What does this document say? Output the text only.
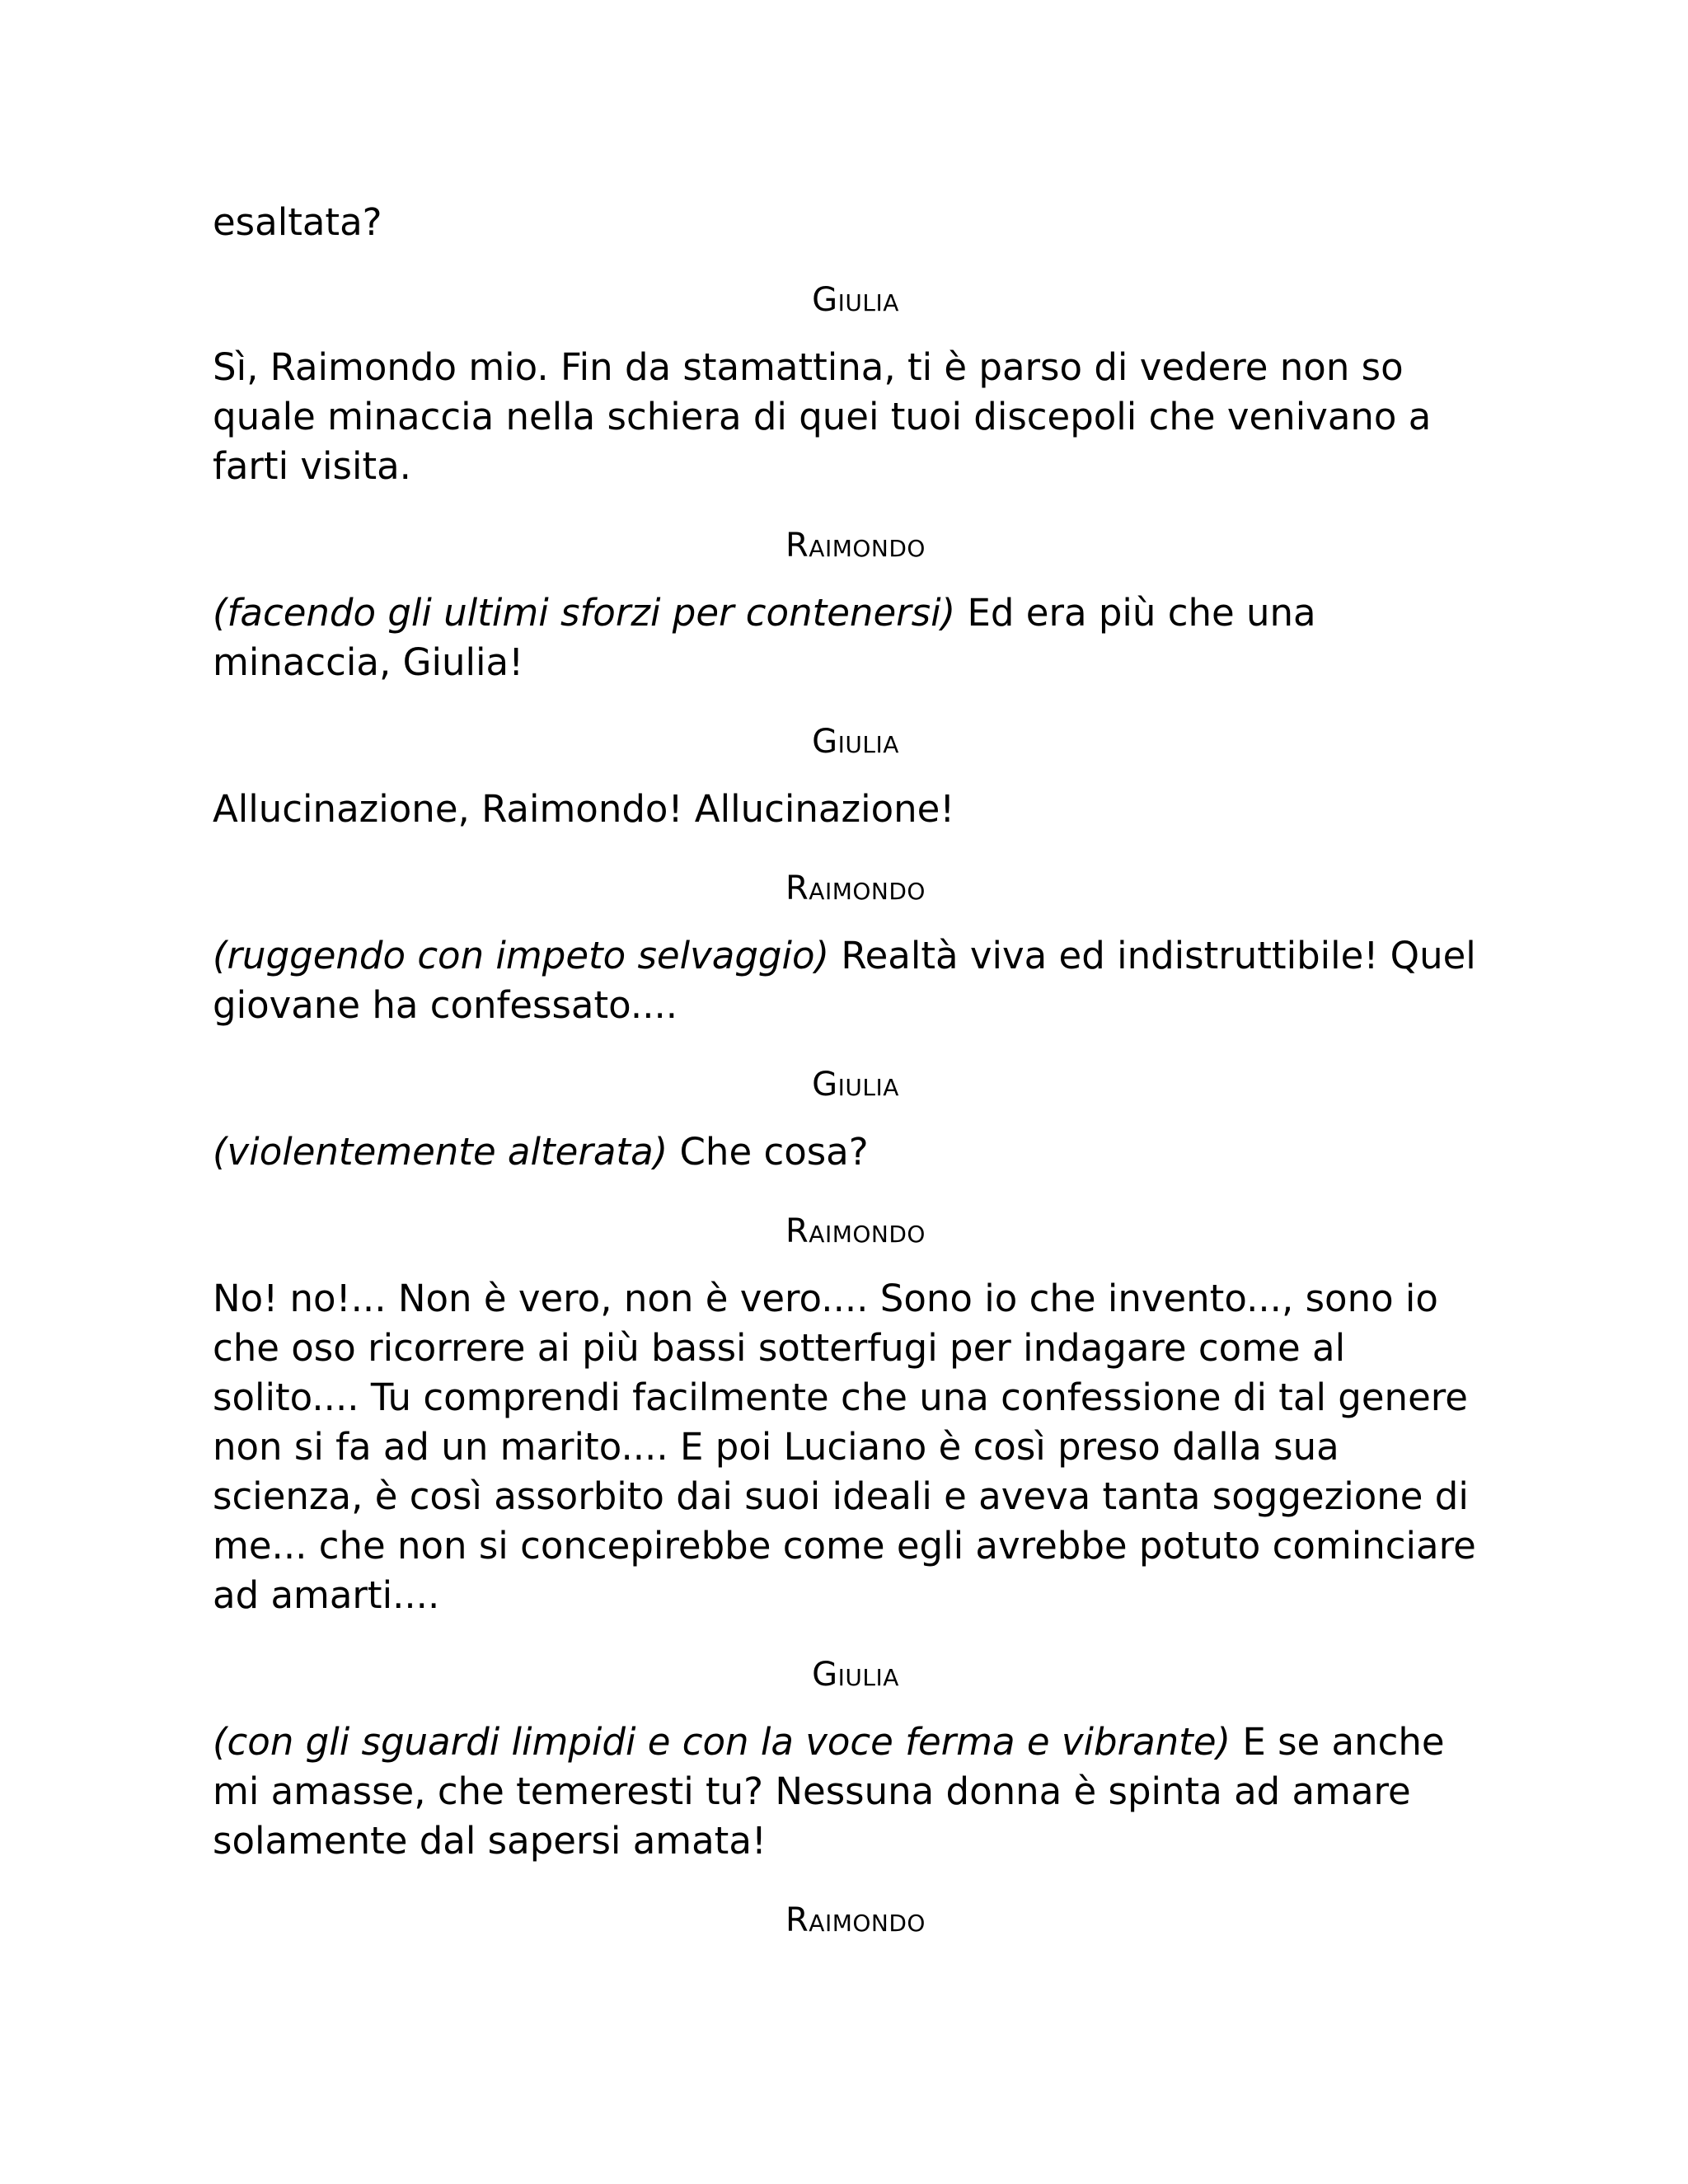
esaltata?

Giulia

Sì, Raimondo mio. Fin da stamattina, ti è parso di vedere non so quale minaccia nella schiera di quei tuoi discepoli che venivano a farti visita.

Raimondo

(facendo gli ultimi sforzi per contenersi) Ed era più che una minaccia, Giulia!

Giulia

Allucinazione, Raimondo! Allucinazione!

Raimondo

(ruggendo con impeto selvaggio) Realtà viva ed indistruttibile! Quel giovane ha confessato....

Giulia

(violentemente alterata) Che cosa?

Raimondo

No! no!... Non è vero, non è vero.... Sono io che invento..., sono io che oso ricorrere ai più bassi sotterfugi per indagare come al solito.... Tu comprendi facilmente che una confessione di tal genere non si fa ad un marito.... E poi Luciano è così preso dalla sua scienza, è così assorbito dai suoi ideali e aveva tanta soggezione di me... che non si concepirebbe come egli avrebbe potuto cominciare ad amarti....

Giulia

(con gli sguardi limpidi e con la voce ferma e vibrante) E se anche mi amasse, che temeresti tu? Nessuna donna è spinta ad amare solamente dal sapersi amata!

Raimondo
